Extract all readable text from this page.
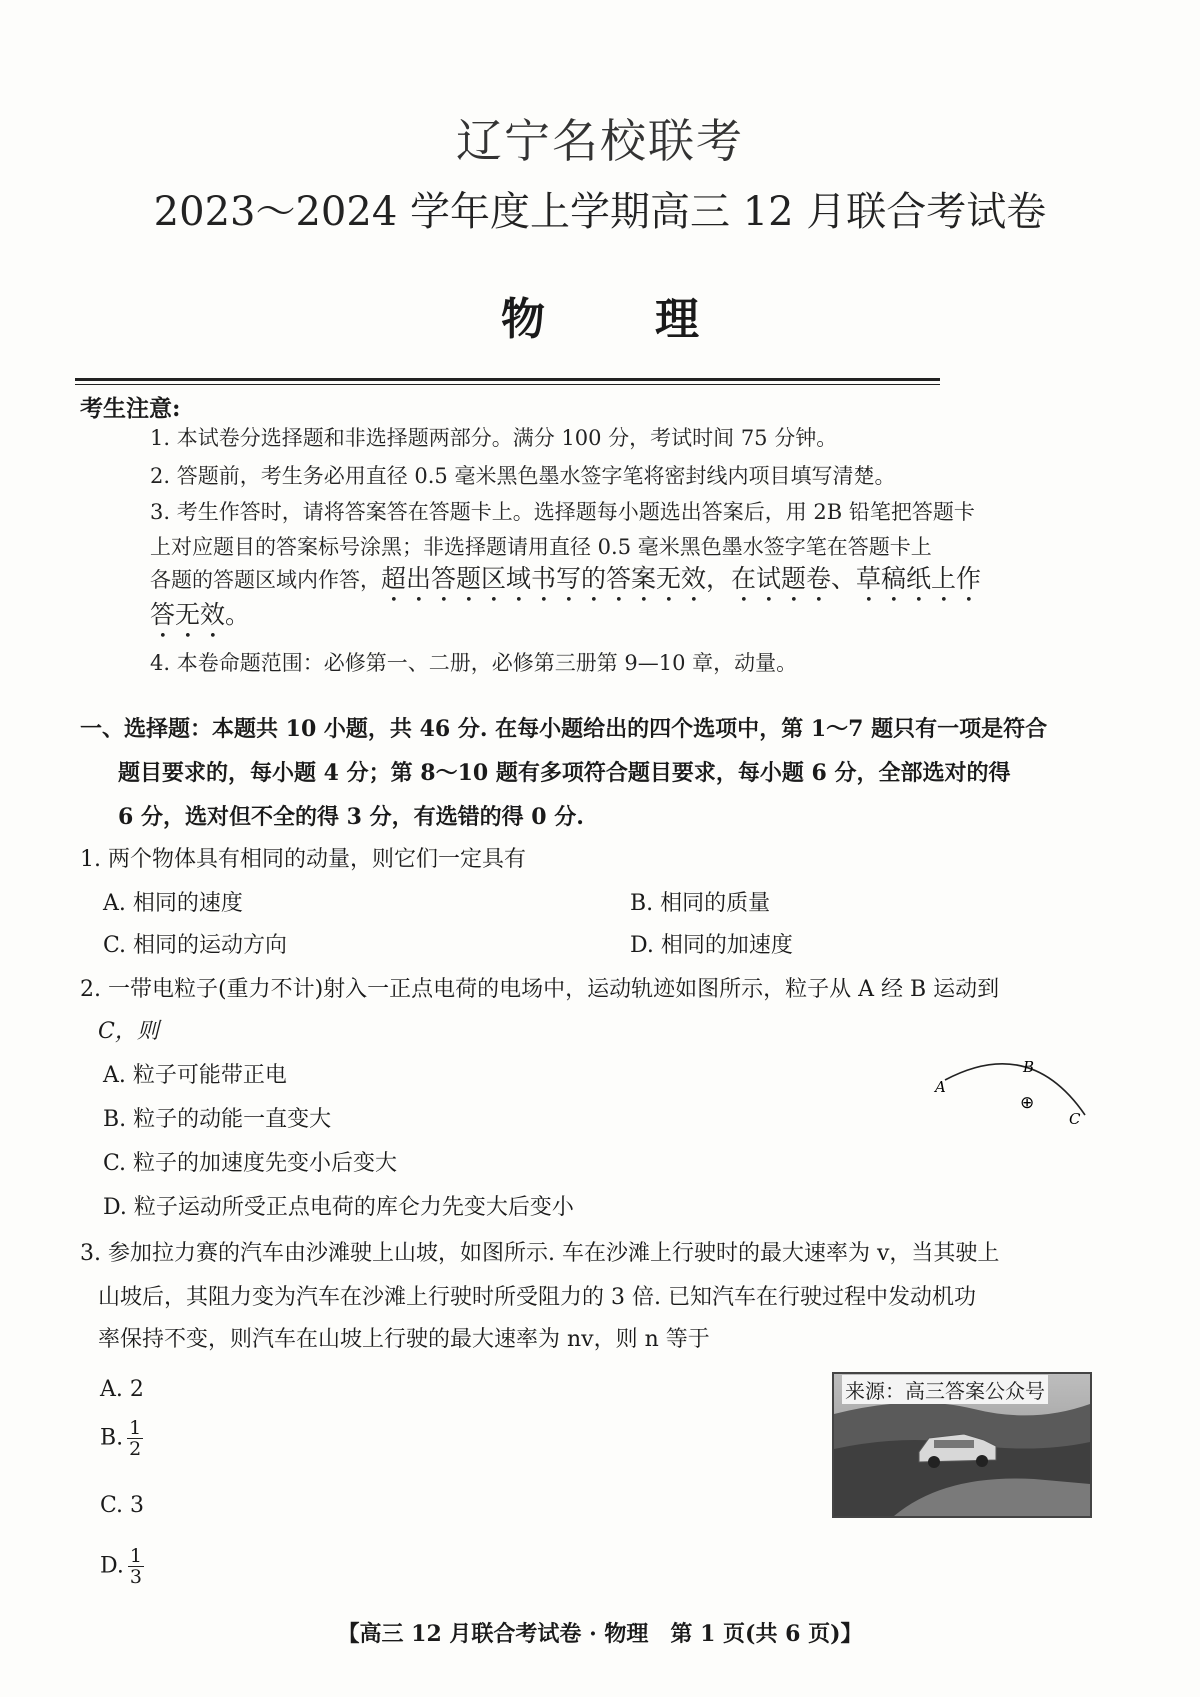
辽宁名校联考
2023～2024 学年度上学期高三 12 月联合考试卷
物理
考生注意:
1. 本试卷分选择题和非选择题两部分。满分 100 分，考试时间 75 分钟。
2. 答题前，考生务必用直径 0.5 毫米黑色墨水签字笔将密封线内项目填写清楚。
3. 考生作答时，请将答案答在答题卡上。选择题每小题选出答案后，用 2B 铅笔把答题卡
上对应题目的答案标号涂黑；非选择题请用直径 0.5 毫米黑色墨水签字笔在答题卡上
各题的答题区域内作答，超出答题区域书写的答案无效，在试题卷、草稿纸上作
答无效。
4. 本卷命题范围：必修第一、二册，必修第三册第 9—10 章，动量。
一、选择题：本题共 10 小题，共 46 分. 在每小题给出的四个选项中，第 1～7 题只有一项是符合
题目要求的，每小题 4 分；第 8～10 题有多项符合题目要求，每小题 6 分，全部选对的得
6 分，选对但不全的得 3 分，有选错的得 0 分.
1. 两个物体具有相同的动量，则它们一定具有
A. 相同的速度	B. 相同的质量
C. 相同的运动方向	D. 相同的加速度
2. 一带电粒子(重力不计)射入一正点电荷的电场中，运动轨迹如图所示，粒子从 A 经 B 运动到
C，则
A. 粒子可能带正电
B. 粒子的动能一直变大
C. 粒子的加速度先变小后变大
D. 粒子运动所受正点电荷的库仑力先变大后变小
A
B
C
⊕
3. 参加拉力赛的汽车由沙滩驶上山坡，如图所示. 车在沙滩上行驶时的最大速率为 v，当其驶上
山坡后，其阻力变为汽车在沙滩上行驶时所受阻力的 3 倍. 已知汽车在行驶过程中发动机功
率保持不变，则汽车在山坡上行驶的最大速率为 nv，则 n 等于
A. 2
B. $\frac{1}{2}$
C. 3
D. $\frac{1}{3}$
来源：高三答案公众号
【高三 12 月联合考试卷 · 物理　第 1 页(共 6 页)】
